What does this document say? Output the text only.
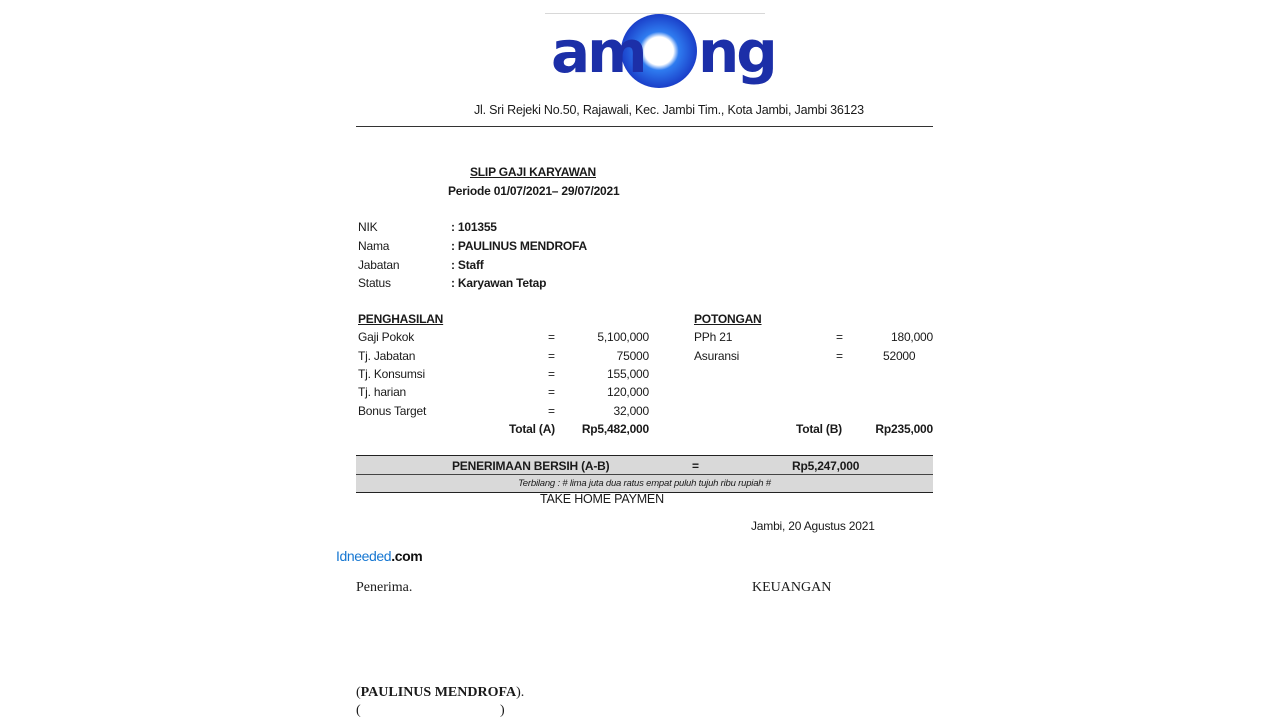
am ng
Jl. Sri Rejeki No.50, Rajawali, Kec. Jambi Tim., Kota Jambi, Jambi 36123
SLIP GAJI KARYAWAN
Periode 01/07/2021– 29/07/2021
NIK	: 101355
Nama	: PAULINUS MENDROFA
Jabatan	: Staff
Status	: Karyawan Tetap
PENGHASILAN
Gaji Pokok	=	5,100,000
Tj. Jabatan	=	75000
Tj. Konsumsi	=	155,000
Tj. harian	=	120,000
Bonus Target	=	32,000
Total (A)	Rp5,482,000
POTONGAN
PPh 21	=	180,000
Asuransi	=	52000
Total (B)	Rp235,000
PENERIMAAN BERSIH (A-B)	=	Rp5,247,000
Terbilang : # lima juta dua ratus empat puluh tujuh ribu rupiah #
TAKE HOME PAYMEN
Jambi, 20 Agustus 2021
Idneeded.com
Penerima.	KEUANGAN
(PAULINUS MENDROFA).
(	)
